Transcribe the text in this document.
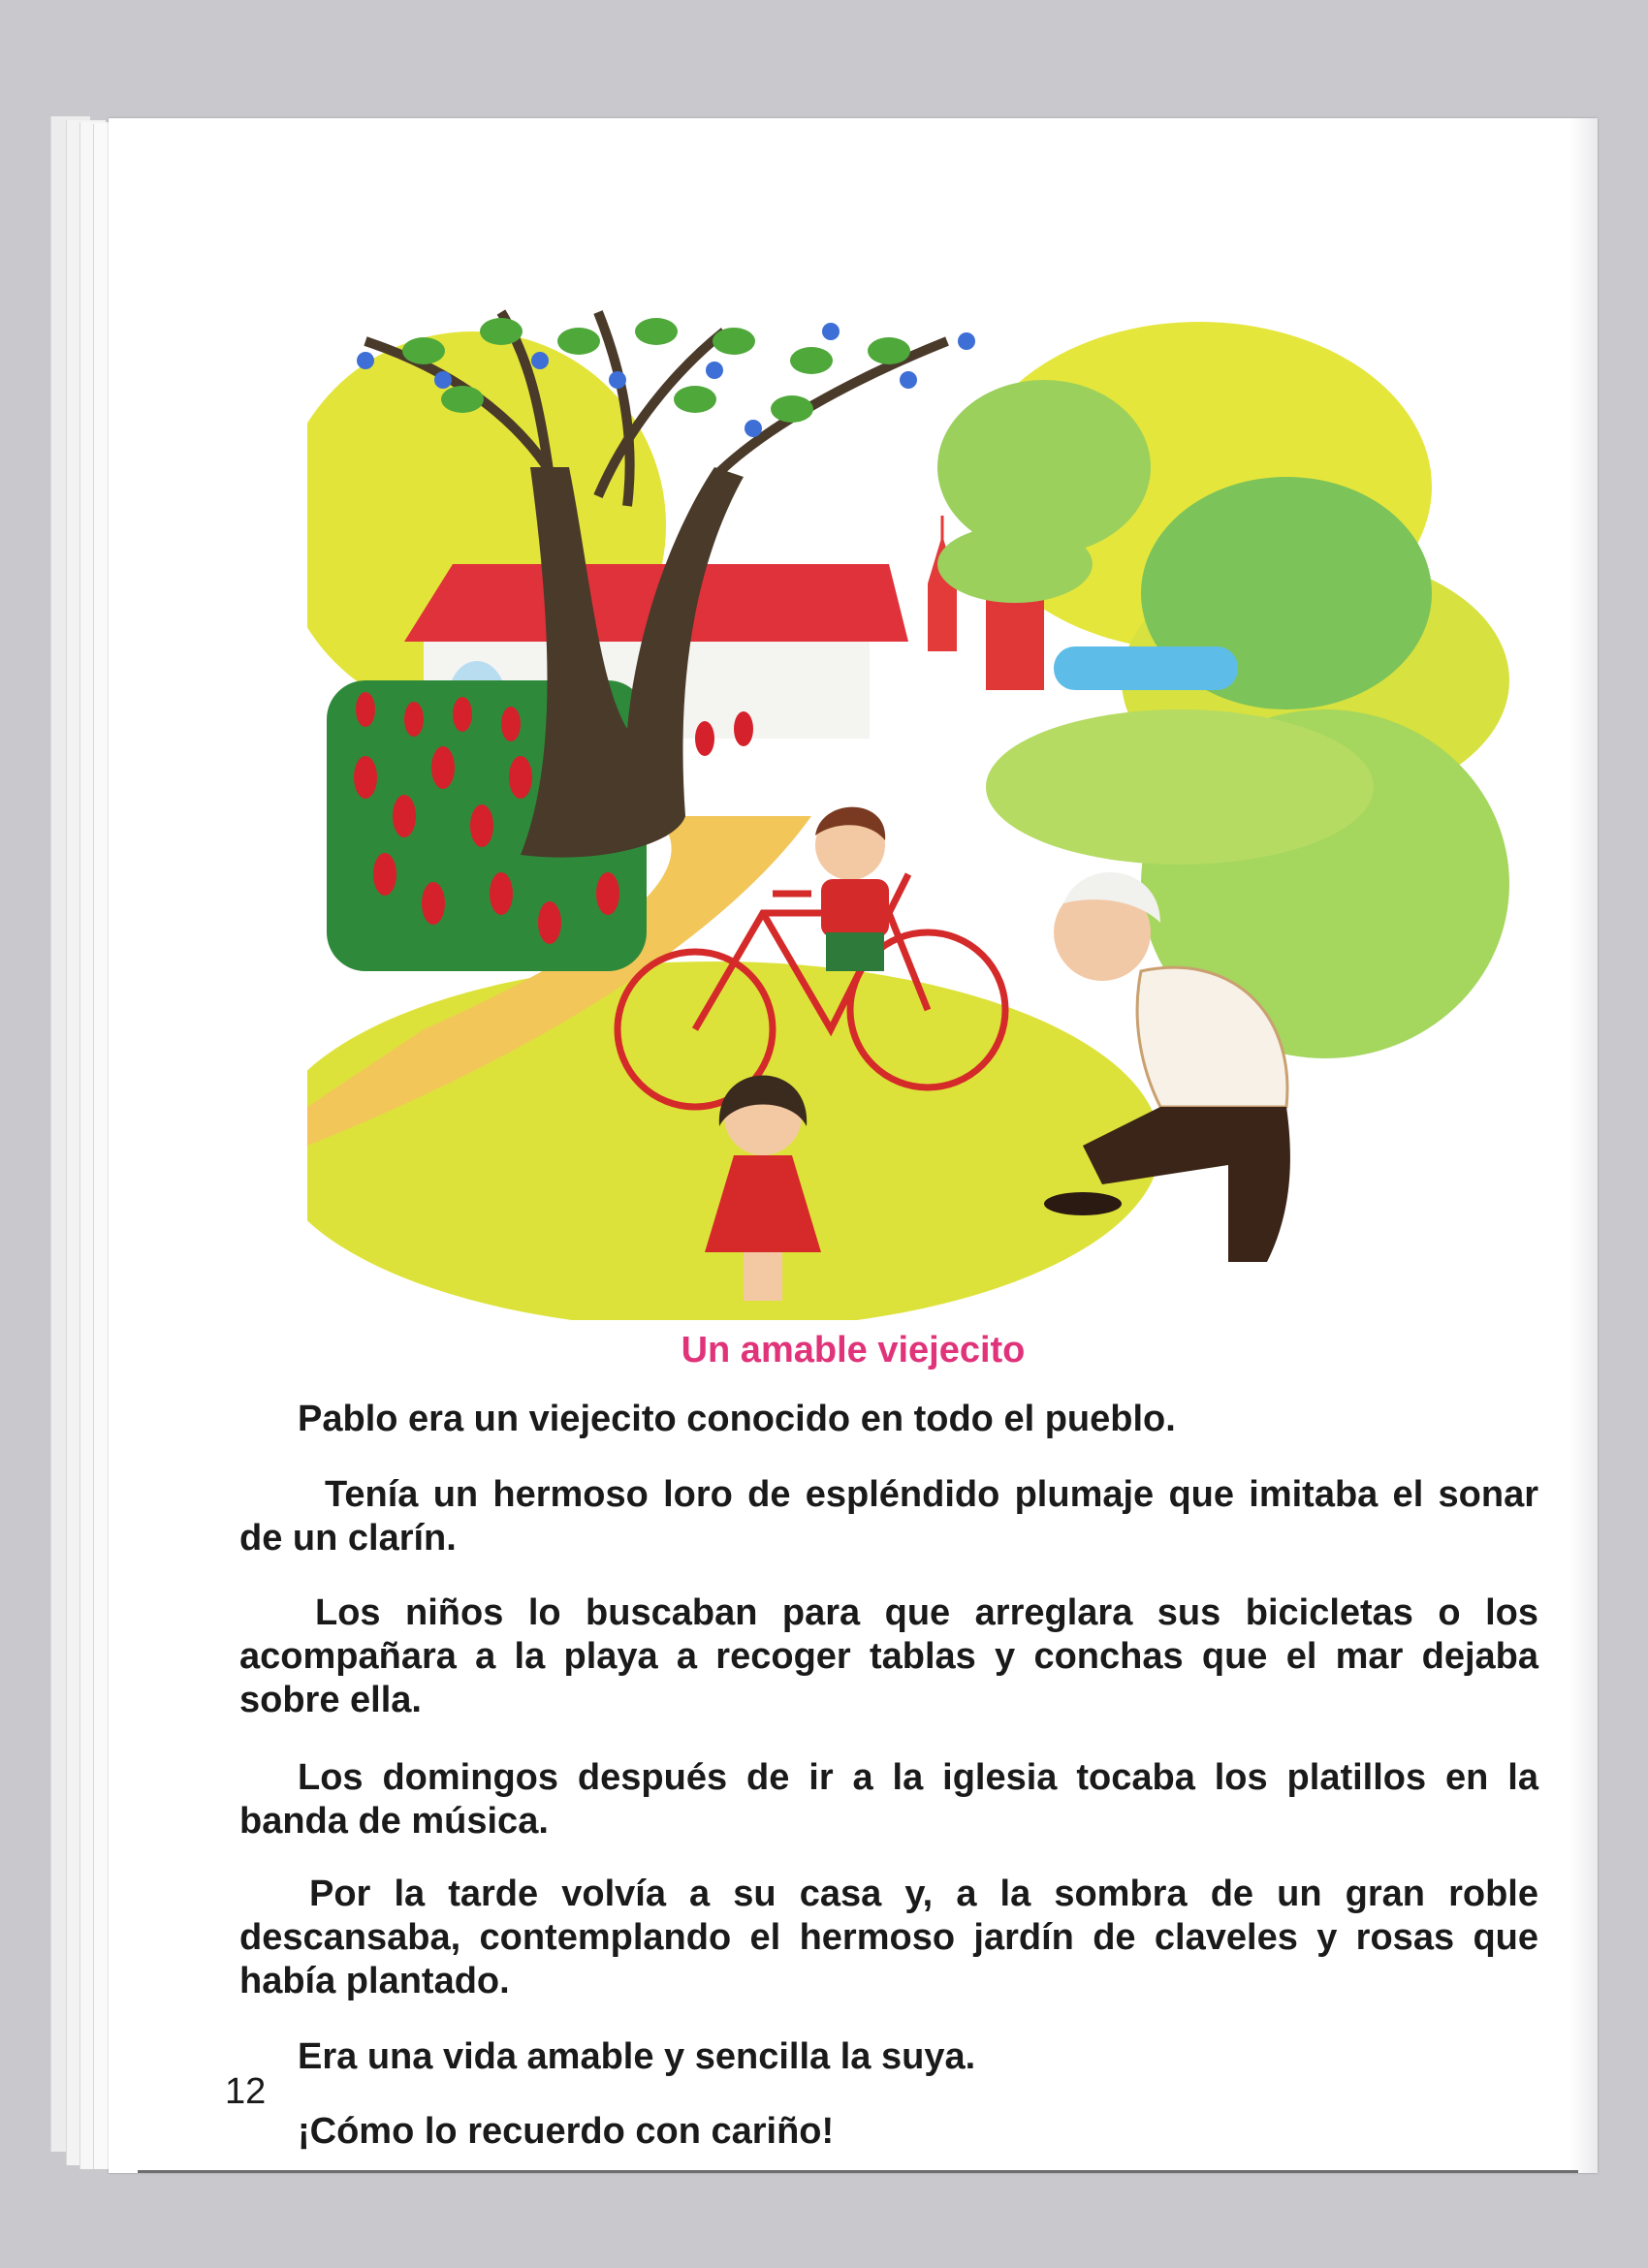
Un amable viejecito

Pablo era un viejecito conocido en todo el pueblo.

Tenía un hermoso loro de espléndido plumaje que imitaba el sonar de un clarín.

Los niños lo buscaban para que arreglara sus bicicletas o los acompañara a la playa a recoger tablas y conchas que el mar dejaba sobre ella.

Los domingos después de ir a la iglesia tocaba los platillos en la banda de música.

Por la tarde volvía a su casa y, a la sombra de un gran roble descansaba, contemplando el hermoso jardín de claveles y rosas que había plantado.

Era una vida amable y sencilla la suya.

¡Cómo lo recuerdo con cariño!

12
